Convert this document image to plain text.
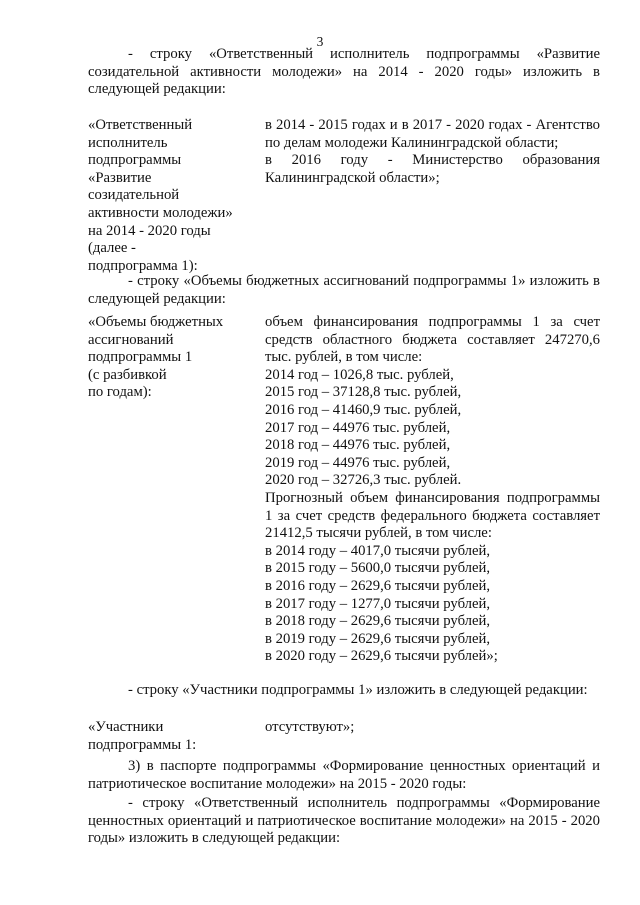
3

- строку «Ответственный исполнитель подпрограммы «Развитие созидательной активности молодежи» на 2014 - 2020 годы» изложить в следующей редакции:

«Ответственный
исполнитель
подпрограммы
«Развитие
созидательной
активности молодежи»
на 2014 - 2020 годы
(далее -
подпрограмма 1):

в 2014 - 2015 годах и в 2017 - 2020 годах - Агентство по делам молодежи Калининградской области;

в 2016 году - Министерство образования Калининградской области»;

- строку «Объемы бюджетных ассигнований подпрограммы 1» изложить в следующей редакции:

«Объемы бюджетных
ассигнований
подпрограммы 1
(с разбивкой
по годам):

объем финансирования подпрограммы 1 за счет средств областного бюджета составляет 247270,6 тыс. рублей, в том числе:

2014 год – 1026,8 тыс. рублей,

2015 год – 37128,8 тыс. рублей,

2016 год – 41460,9 тыс. рублей,

2017 год – 44976 тыс. рублей,

2018 год – 44976 тыс. рублей,

2019 год – 44976 тыс. рублей,

2020 год – 32726,3 тыс. рублей.

Прогнозный объем финансирования подпрограммы 1 за счет средств федерального бюджета составляет 21412,5 тысячи рублей, в том числе:

в 2014 году – 4017,0 тысячи рублей,

в 2015 году – 5600,0 тысячи рублей,

в 2016 году – 2629,6 тысячи рублей,

в 2017 году – 1277,0 тысячи рублей,

в 2018 году – 2629,6 тысячи рублей,

в 2019 году – 2629,6 тысячи рублей,

в 2020 году – 2629,6 тысячи рублей»;

- строку «Участники подпрограммы 1» изложить в следующей редакции:

«Участники
подпрограммы 1:

отсутствуют»;

3) в паспорте подпрограммы «Формирование ценностных ориентаций и патриотическое воспитание молодежи» на 2015 - 2020 годы:

- строку «Ответственный исполнитель подпрограммы «Формирование ценностных ориентаций и патриотическое воспитание молодежи» на 2015 - 2020 годы» изложить в следующей редакции:
